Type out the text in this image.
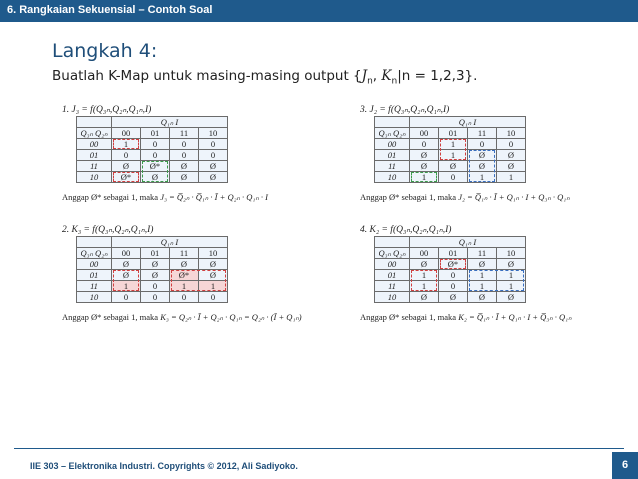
6. Rangkaian Sekuensial – Contoh Soal
Langkah 4:
Buatlah K-Map untuk masing-masing output {$J_n$, $K_n|n = 1,2,3$}.
1. J₃ = f(Q₃ₙ,Q₂ₙ,Q₁ₙ,I)
	Q₁ₙ I			
Q₃ₙ Q₂ₙ	00	01	11	10
00	1	0	0	0
01	0	0	0	0
11	Ø	Ø*	Ø	Ø
10	Ø*	Ø	Ø	Ø
Anggap Ø* sebagai 1, maka J₃ = Q̅₂ₙ · Q̅₁ₙ · Ī + Q₂ₙ · Q₁ₙ · I
3. J₂ = f(Q₃ₙ,Q₂ₙ,Q₁ₙ,I)
	Q₁ₙ I			
Q₃ₙ Q₂ₙ	00	01	11	10
00	0	1	0	0
01	Ø	1	Ø	Ø
11	Ø	Ø	Ø	Ø
10	1	0	1	1
Anggap Ø* sebagai 1, maka J₂ = Q̅₁ₙ · Ī + Q₁ₙ · I + Q₃ₙ · Q₁ₙ
2. K₃ = f(Q₃ₙ,Q₂ₙ,Q₁ₙ,I)
	Q₁ₙ I			
Q₃ₙ Q₂ₙ	00	01	11	10
00	Ø	Ø	Ø	Ø
01	Ø	Ø	Ø*	Ø
11	1	0	1	1
10	0	0	0	0
Anggap Ø* sebagai 1, maka K₃ = Q₂ₙ · Ī + Q₂ₙ · Q₁ₙ = Q₂ₙ · (Ī + Q₁ₙ)
4. K₂ = f(Q₃ₙ,Q₂ₙ,Q₁ₙ,I)
	Q₁ₙ I			
Q₃ₙ Q₂ₙ	00	01	11	10
00	Ø	Ø*	Ø	Ø
01	1	0	1	1
11	1	0	1	1
10	Ø	Ø	Ø	Ø
Anggap Ø* sebagai 1, maka K₂ = Q̅₁ₙ · Ī + Q₁ₙ · I + Q̅₃ₙ · Q₁ₙ
IIE 303 – Elektronika Industri. Copyrights © 2012, Ali Sadiyoko.	6
